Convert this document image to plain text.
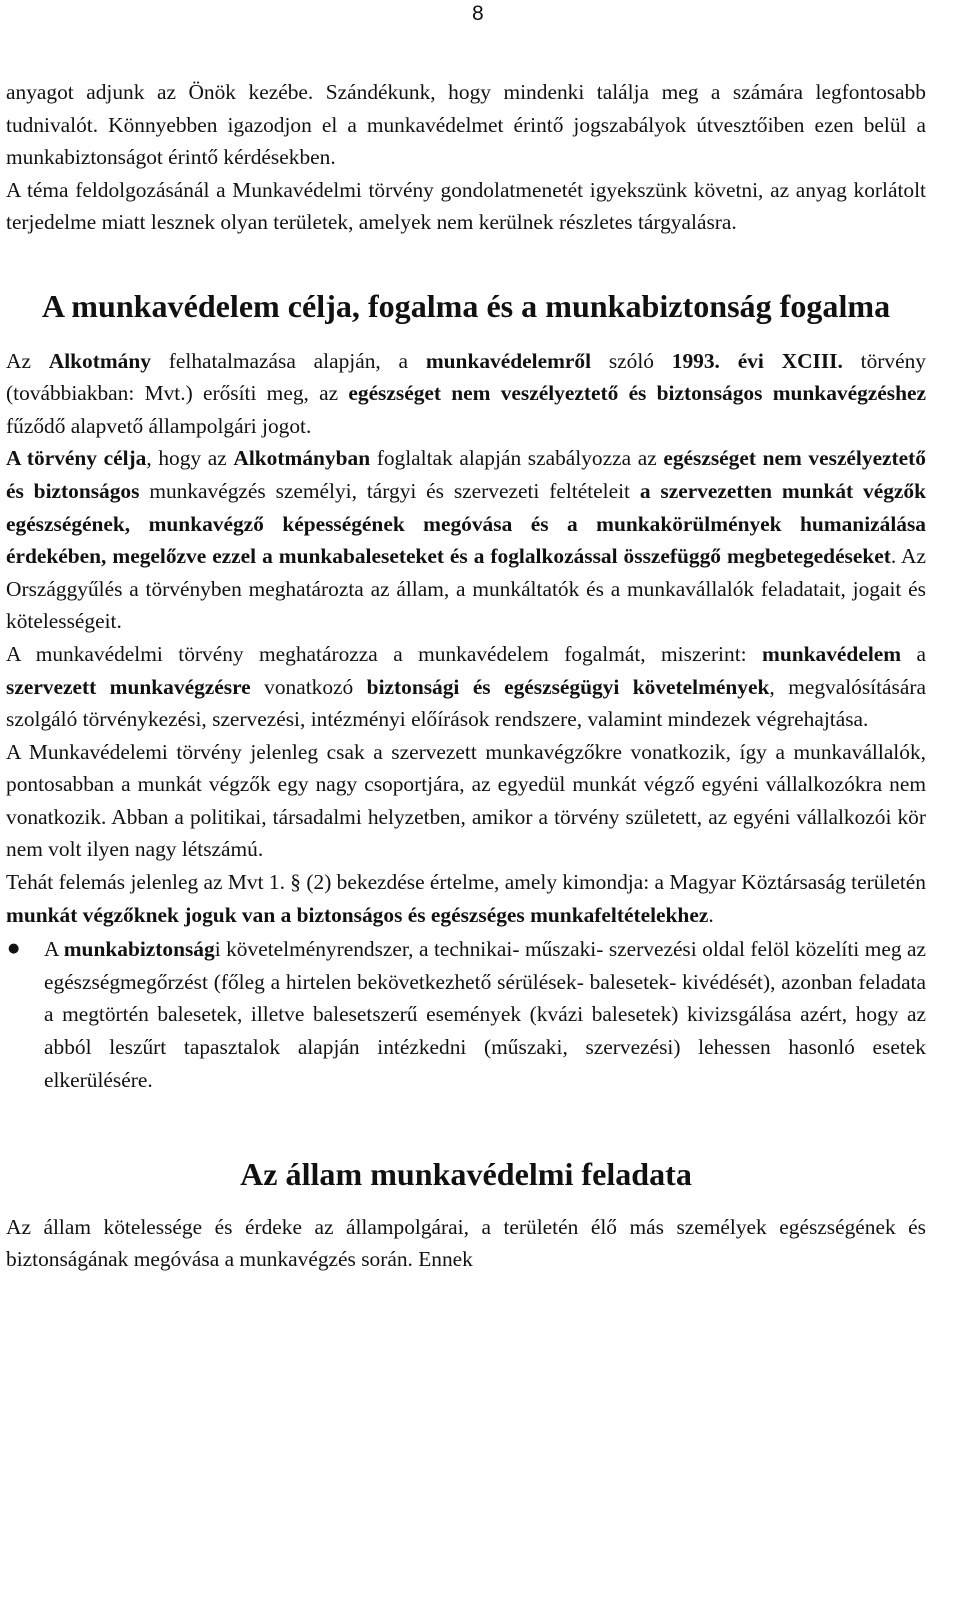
8

anyagot adjunk az Önök kezébe. Szándékunk, hogy mindenki találja meg a számára legfontosabb tudnivalót. Könnyebben igazodjon el a munkavédelmet érintő jogszabályok útvesztőiben ezen belül a munkabiztonságot érintő kérdésekben.

A téma feldolgozásánál a Munkavédelmi törvény gondolatmenetét igyekszünk követni, az anyag korlátolt terjedelme miatt lesznek olyan területek, amelyek nem kerülnek részletes tárgyalásra.

A munkavédelem célja, fogalma és a munkabiztonság fogalma

Az Alkotmány felhatalmazása alapján, a munkavédelemről szóló 1993. évi XCIII. törvény (továbbiakban: Mvt.) erősíti meg, az egészséget nem veszélyeztető és biztonságos munkavégzéshez fűződő alapvető állampolgári jogot.

A törvény célja, hogy az Alkotmányban foglaltak alapján szabályozza az egészséget nem veszélyeztető és biztonságos munkavégzés személyi, tárgyi és szervezeti feltételeit a szervezetten munkát végzők egészségének, munkavégző képességének megóvása és a munkakörülmények humanizálása érdekében, megelőzve ezzel a munkabaleseteket és a foglalkozással összefüggő megbetegedéseket. Az Országgyűlés a törvényben meghatározta az állam, a munkáltatók és a munkavállalók feladatait, jogait és kötelességeit.

A munkavédelmi törvény meghatározza a munkavédelem fogalmát, miszerint: munkavédelem a szervezett munkavégzésre vonatkozó biztonsági és egészségügyi követelmények, megvalósítására szolgáló törvénykezési, szervezési, intézményi előírások rendszere, valamint mindezek végrehajtása.

A Munkavédelemi törvény jelenleg csak a szervezett munkavégzőkre vonatkozik, így a munkavállalók, pontosabban a munkát végzők egy nagy csoportjára, az egyedül munkát végző egyéni vállalkozókra nem vonatkozik. Abban a politikai, társadalmi helyzetben, amikor a törvény született, az egyéni vállalkozói kör nem volt ilyen nagy létszámú.

Tehát felemás jelenleg az Mvt 1. § (2) bekezdése értelme, amely kimondja: a Magyar Köztársaság területén munkát végzőknek joguk van a biztonságos és egészséges munkafeltételekhez.

●	A munkabiztonsági követelményrendszer, a technikai- műszaki- szervezési oldal felöl közelíti meg az egészségmegőrzést (főleg a hirtelen bekövetkezhető sérülések- balesetek- kivédését), azonban feladata a megtörtén balesetek, illetve balesetszerű események (kvázi balesetek) kivizsgálása azért, hogy az abból leszűrt tapasztalok alapján intézkedni (műszaki, szervezési) lehessen hasonló esetek elkerülésére.

Az állam munkavédelmi feladata

Az állam kötelessége és érdeke az állampolgárai, a területén élő más személyek egészségének és biztonságának megóvása a munkavégzés során. Ennek
